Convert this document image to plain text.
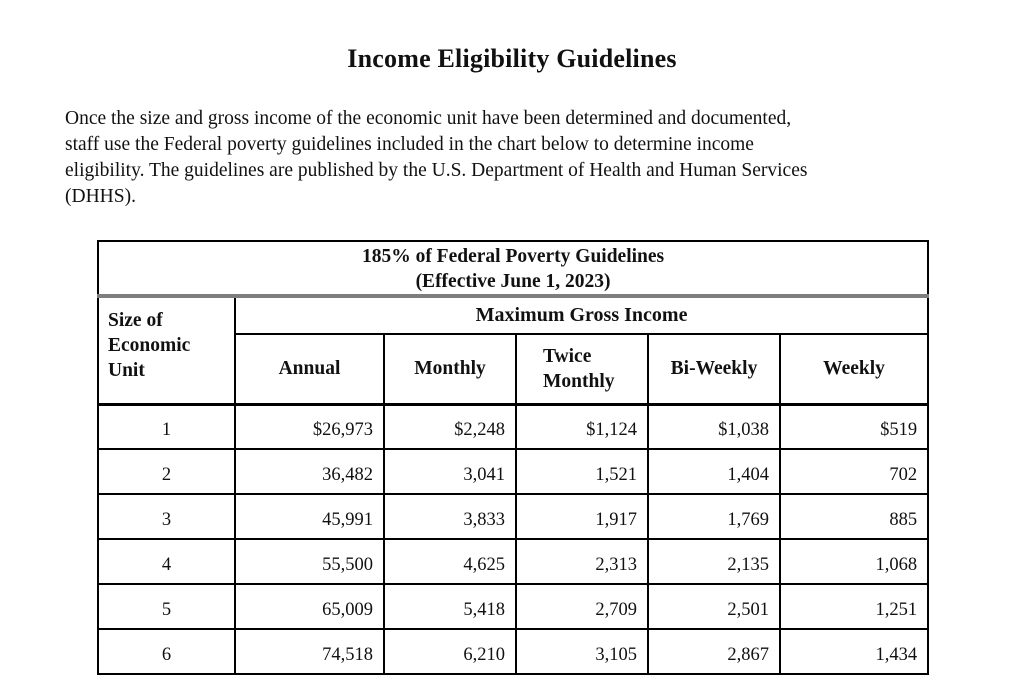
Income Eligibility Guidelines
Once the size and gross income of the economic unit have been determined and documented,
staff use the Federal poverty guidelines included in the chart below to determine income
eligibility. The guidelines are published by the U.S. Department of Health and Human Services
(DHHS).
185% of Federal Poverty Guidelines
(Effective June 1, 2023)					

Size of Economic Unit	Maximum Gross Income				
	Annual	Monthly	Twice Monthly	Bi-Weekly	Weekly
1	$26,973	$2,248	$1,124	$1,038	$519
2	36,482	3,041	1,521	1,404	702
3	45,991	3,833	1,917	1,769	885
4	55,500	4,625	2,313	2,135	1,068
5	65,009	5,418	2,709	2,501	1,251
6	74,518	6,210	3,105	2,867	1,434
